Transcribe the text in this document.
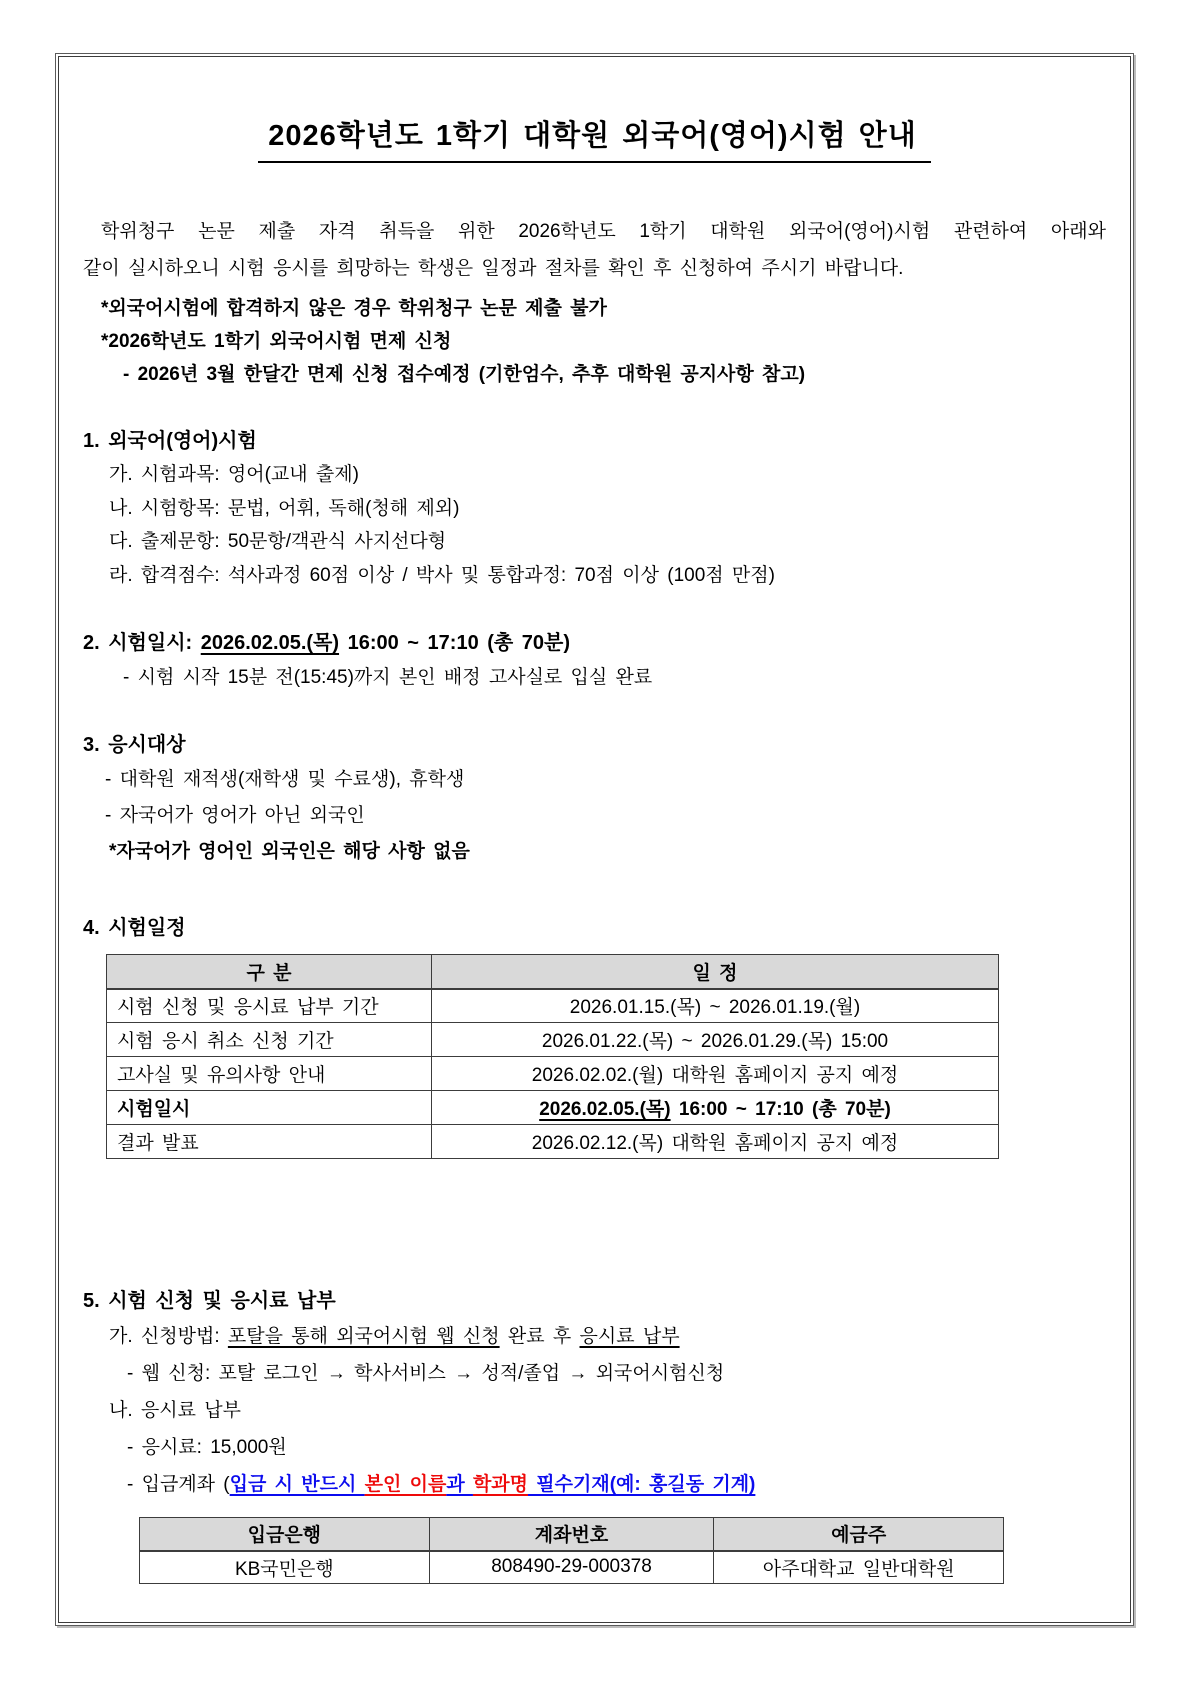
2026학년도 1학기 대학원 외국어(영어)시험 안내
학위청구 논문 제출 자격 취득을 위한 2026학년도 1학기 대학원 외국어(영어)시험 관련하여 아래와
같이 실시하오니 시험 응시를 희망하는 학생은 일정과 절차를 확인 후 신청하여 주시기 바랍니다.
*외국어시험에 합격하지 않은 경우 학위청구 논문 제출 불가
*2026학년도 1학기 외국어시험 면제 신청
- 2026년 3월 한달간 면제 신청 접수예정 (기한엄수, 추후 대학원 공지사항 참고)
1. 외국어(영어)시험
가. 시험과목: 영어(교내 출제)
나. 시험항목: 문법, 어휘, 독해(청해 제외)
다. 출제문항: 50문항/객관식 사지선다형
라. 합격점수: 석사과정 60점 이상 / 박사 및 통합과정: 70점 이상 (100점 만점)
2. 시험일시: 2026.02.05.(목) 16:00 ~ 17:10 (총 70분)
- 시험 시작 15분 전(15:45)까지 본인 배정 고사실로 입실 완료
3. 응시대상
- 대학원 재적생(재학생 및 수료생), 휴학생
- 자국어가 영어가 아닌 외국인
*자국어가 영어인 외국인은 해당 사항 없음
4. 시험일정
구 분	일 정
시험 신청 및 응시료 납부 기간	2026.01.15.(목) ~ 2026.01.19.(월)
시험 응시 취소 신청 기간	2026.01.22.(목) ~ 2026.01.29.(목) 15:00
고사실 및 유의사항 안내	2026.02.02.(월) 대학원 홈페이지 공지 예정
시험일시	2026.02.05.(목) 16:00 ~ 17:10 (총 70분)
결과 발표	2026.02.12.(목) 대학원 홈페이지 공지 예정
5. 시험 신청 및 응시료 납부
가. 신청방법: 포탈을 통해 외국어시험 웹 신청 완료 후 응시료 납부
- 웹 신청: 포탈 로그인 → 학사서비스 → 성적/졸업 → 외국어시험신청
나. 응시료 납부
- 응시료: 15,000원
- 입금계좌 (입금 시 반드시 본인 이름과 학과명 필수기재(예: 홍길동 기계)
입금은행	계좌번호	예금주
KB국민은행	808490-29-000378	아주대학교 일반대학원
